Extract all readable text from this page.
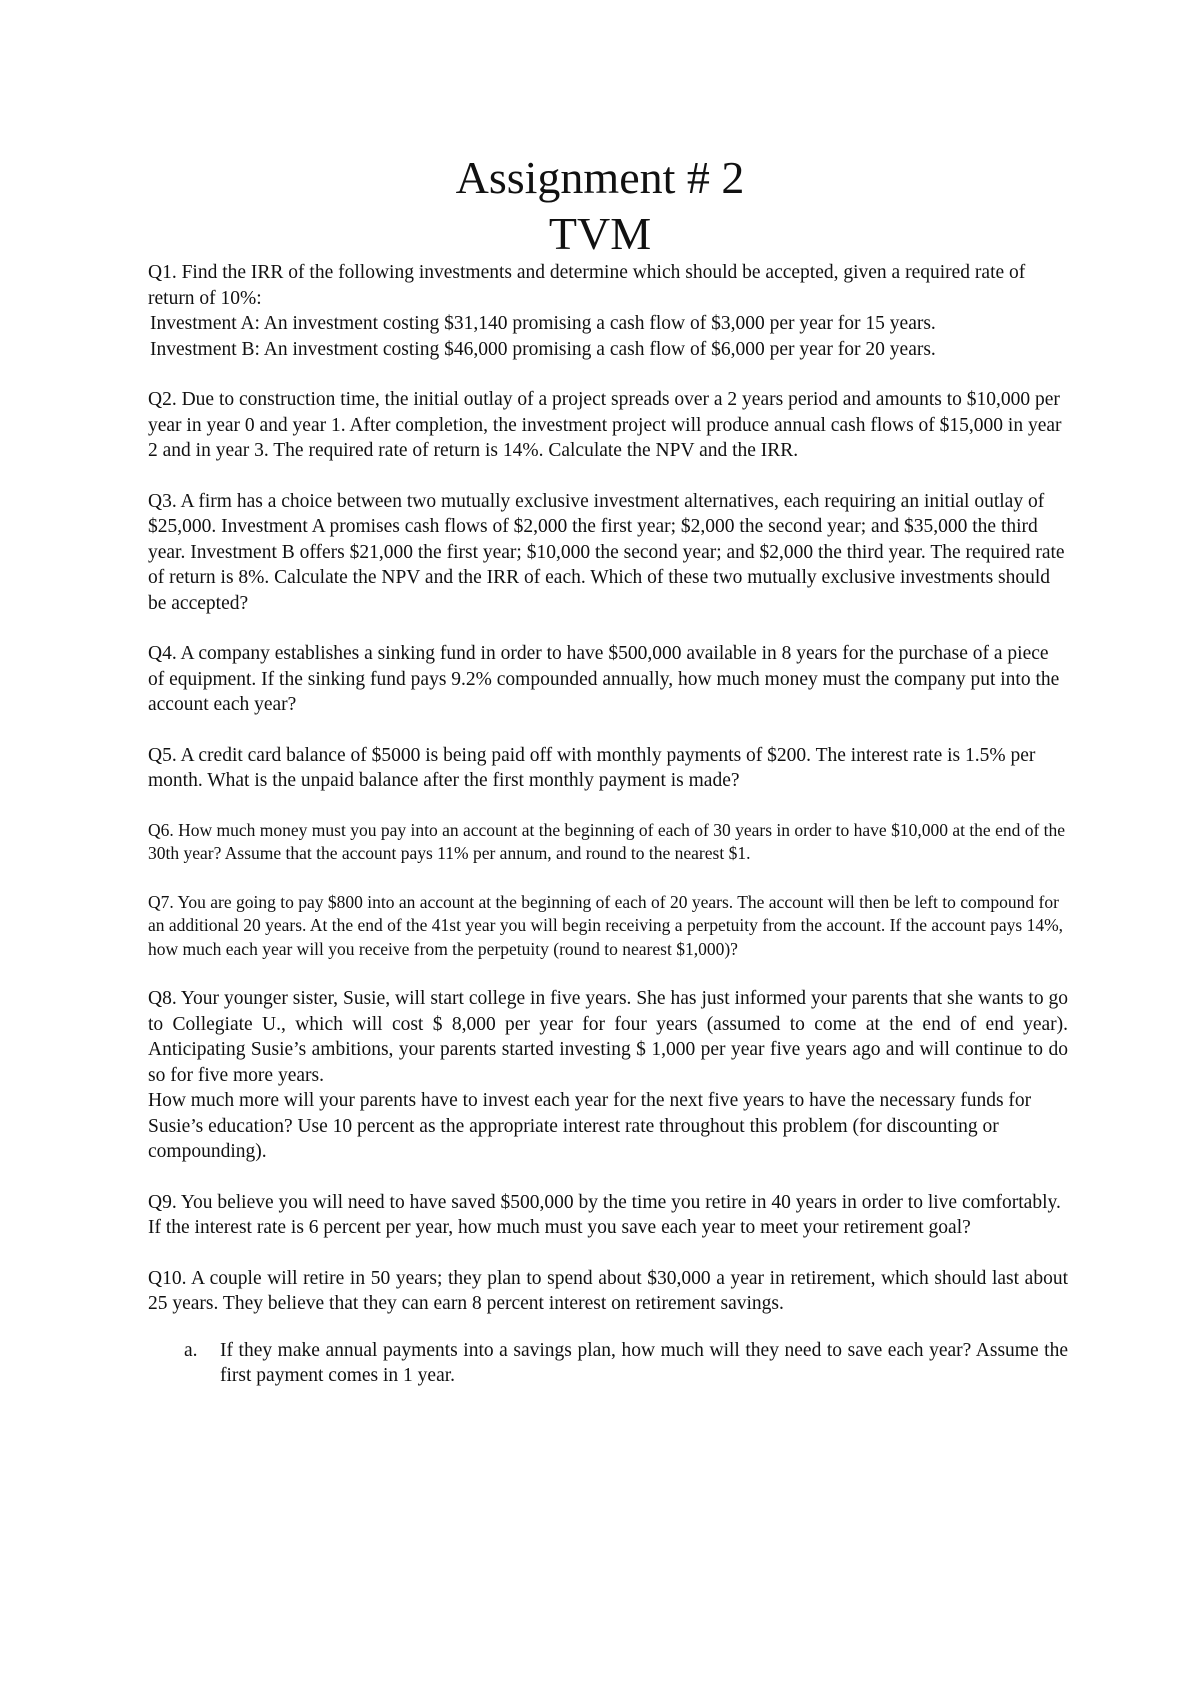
Assignment # 2
TVM

Q1. Find the IRR of the following investments and determine which should be accepted, given a required rate of return of 10%:

Investment A: An investment costing $31,140 promising a cash flow of $3,000 per year for 15 years.

Investment B: An investment costing $46,000 promising a cash flow of $6,000 per year for 20 years.

Q2. Due to construction time, the initial outlay of a project spreads over a 2 years period and amounts to $10,000 per year in year 0 and year 1. After completion, the investment project will produce annual cash flows of $15,000 in year 2 and in year 3. The required rate of return is 14%. Calculate the NPV and the IRR.

Q3. A firm has a choice between two mutually exclusive investment alternatives, each requiring an initial outlay of $25,000. Investment A promises cash flows of $2,000 the first year; $2,000 the second year; and $35,000 the third year. Investment B offers $21,000 the first year; $10,000 the second year; and $2,000 the third year. The required rate of return is 8%. Calculate the NPV and the IRR of each. Which of these two mutually exclusive investments should be accepted?

Q4. A company establishes a sinking fund in order to have $500,000 available in 8 years for the purchase of a piece of equipment. If the sinking fund pays 9.2% compounded annually, how much money must the company put into the account each year?

Q5. A credit card balance of $5000 is being paid off with monthly payments of $200. The interest rate is 1.5% per month. What is the unpaid balance after the first monthly payment is made?

Q6. How much money must you pay into an account at the beginning of each of 30 years in order to have $10,000 at the end of the 30th year? Assume that the account pays 11% per annum, and round to the nearest $1.

Q7. You are going to pay $800 into an account at the beginning of each of 20 years. The account will then be left to compound for an additional 20 years. At the end of the 41st year you will begin receiving a perpetuity from the account. If the account pays 14%, how much each year will you receive from the perpetuity (round to nearest $1,000)?

Q8. Your younger sister, Susie, will start college in five years. She has just informed your parents that she wants to go to Collegiate U., which will cost $ 8,000 per year for four years (assumed to come at the end of end year). Anticipating Susie’s ambitions, your parents started investing $ 1,000 per year five years ago and will continue to do so for five more years.

How much more will your parents have to invest each year for the next five years to have the necessary funds for Susie’s education? Use 10 percent as the appropriate interest rate throughout this problem (for discounting or compounding).

Q9. You believe you will need to have saved $500,000 by the time you retire in 40 years in order to live comfortably. If the interest rate is 6 percent per year, how much must you save each year to meet your retirement goal?

Q10. A couple will retire in 50 years; they plan to spend about $30,000 a year in retirement, which should last about 25 years. They believe that they can earn 8 percent interest on retirement savings.

a. If they make annual payments into a savings plan, how much will they need to save each year? Assume the first payment comes in 1 year.
